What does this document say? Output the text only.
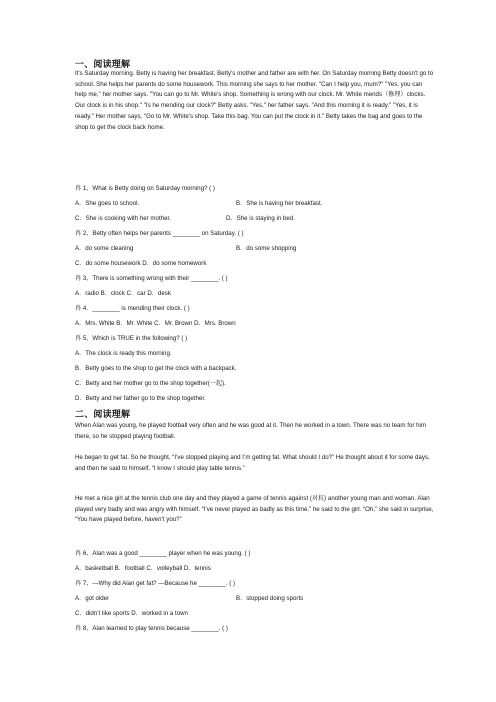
一、阅读理解
It's Saturday morning. Betty is having her breakfast. Betty's mother and father are with her. On Saturday morning Betty doesn't go to school. She helps her parents do some housework. This morning she says to her mother. "Can I help you, mum?" "Yes, you can help me," her mother says. "You can go to Mr. White's shop. Something is wrong with our clock. Mr. White mends（修理）clocks. Our clock is in his shop." "Is he mending our clock?" Betty asks. "Yes," her father says. "And this morning it is ready." "Yes, it is ready." Her mother says, "Go to Mr. White's shop. Take this bag. You can put the clock in it." Betty takes the bag and goes to the shop to get the clock back home.
冉 1、What is Betty doing on Saturday morning? ( )
A．She goes to school.	B．She is having her breakfast.
C．She is cooking with her mother.	D．She is staying in bed.
冉 2、Betty often helps her parents ________ on Saturday. ( )
A．do some cleaning	B．do some shopping
C．do some housework D．do some homework
冉 3、There is something wrong with their ________. ( )
A．radio B．clock C．car D．desk
冉 4．________ is mending their clock. ( )
A．Mrs. White B．Mr. White C．Mr. Brown D．Mrs. Brown
冉 5、Which is TRUE in the following? ( )
A．The clock is ready this morning.
B．Betty goes to the shop to get the clock with a backpack.
C．Betty and her mother go to the shop together(一起).
D．Betty and her father go to the shop together.
二、阅读理解
When Alan was young, he played football very often and he was good at it. Then he worked in a town. There was no team for him there, so he stopped playing football.
He began to get fat. So he thought, “I’ve stopped playing and I’m getting fat. What should I do?” He thought about it for some days, and then he said to himself, “I know I should play table tennis.”
He met a nice girl at the tennis club one day and they played a game of tennis against (对抗) another young man and woman. Alan played very badly and was angry with himself. “I’ve never played as badly as this time.” he said to the girl. “Oh,” she said in surprise, “You have played before, haven’t you?”
冉 6、Alan was a good ________ player when he was young. ( )
A．basketball B．football C．volleyball D．tennis
冉 7、—Why did Alan get fat? —Because he ________. ( )
A．got older	B．stopped doing sports
C．didn’t like sports D．worked in a town
冉 8、Alan learned to play tennis because ________. ( )
